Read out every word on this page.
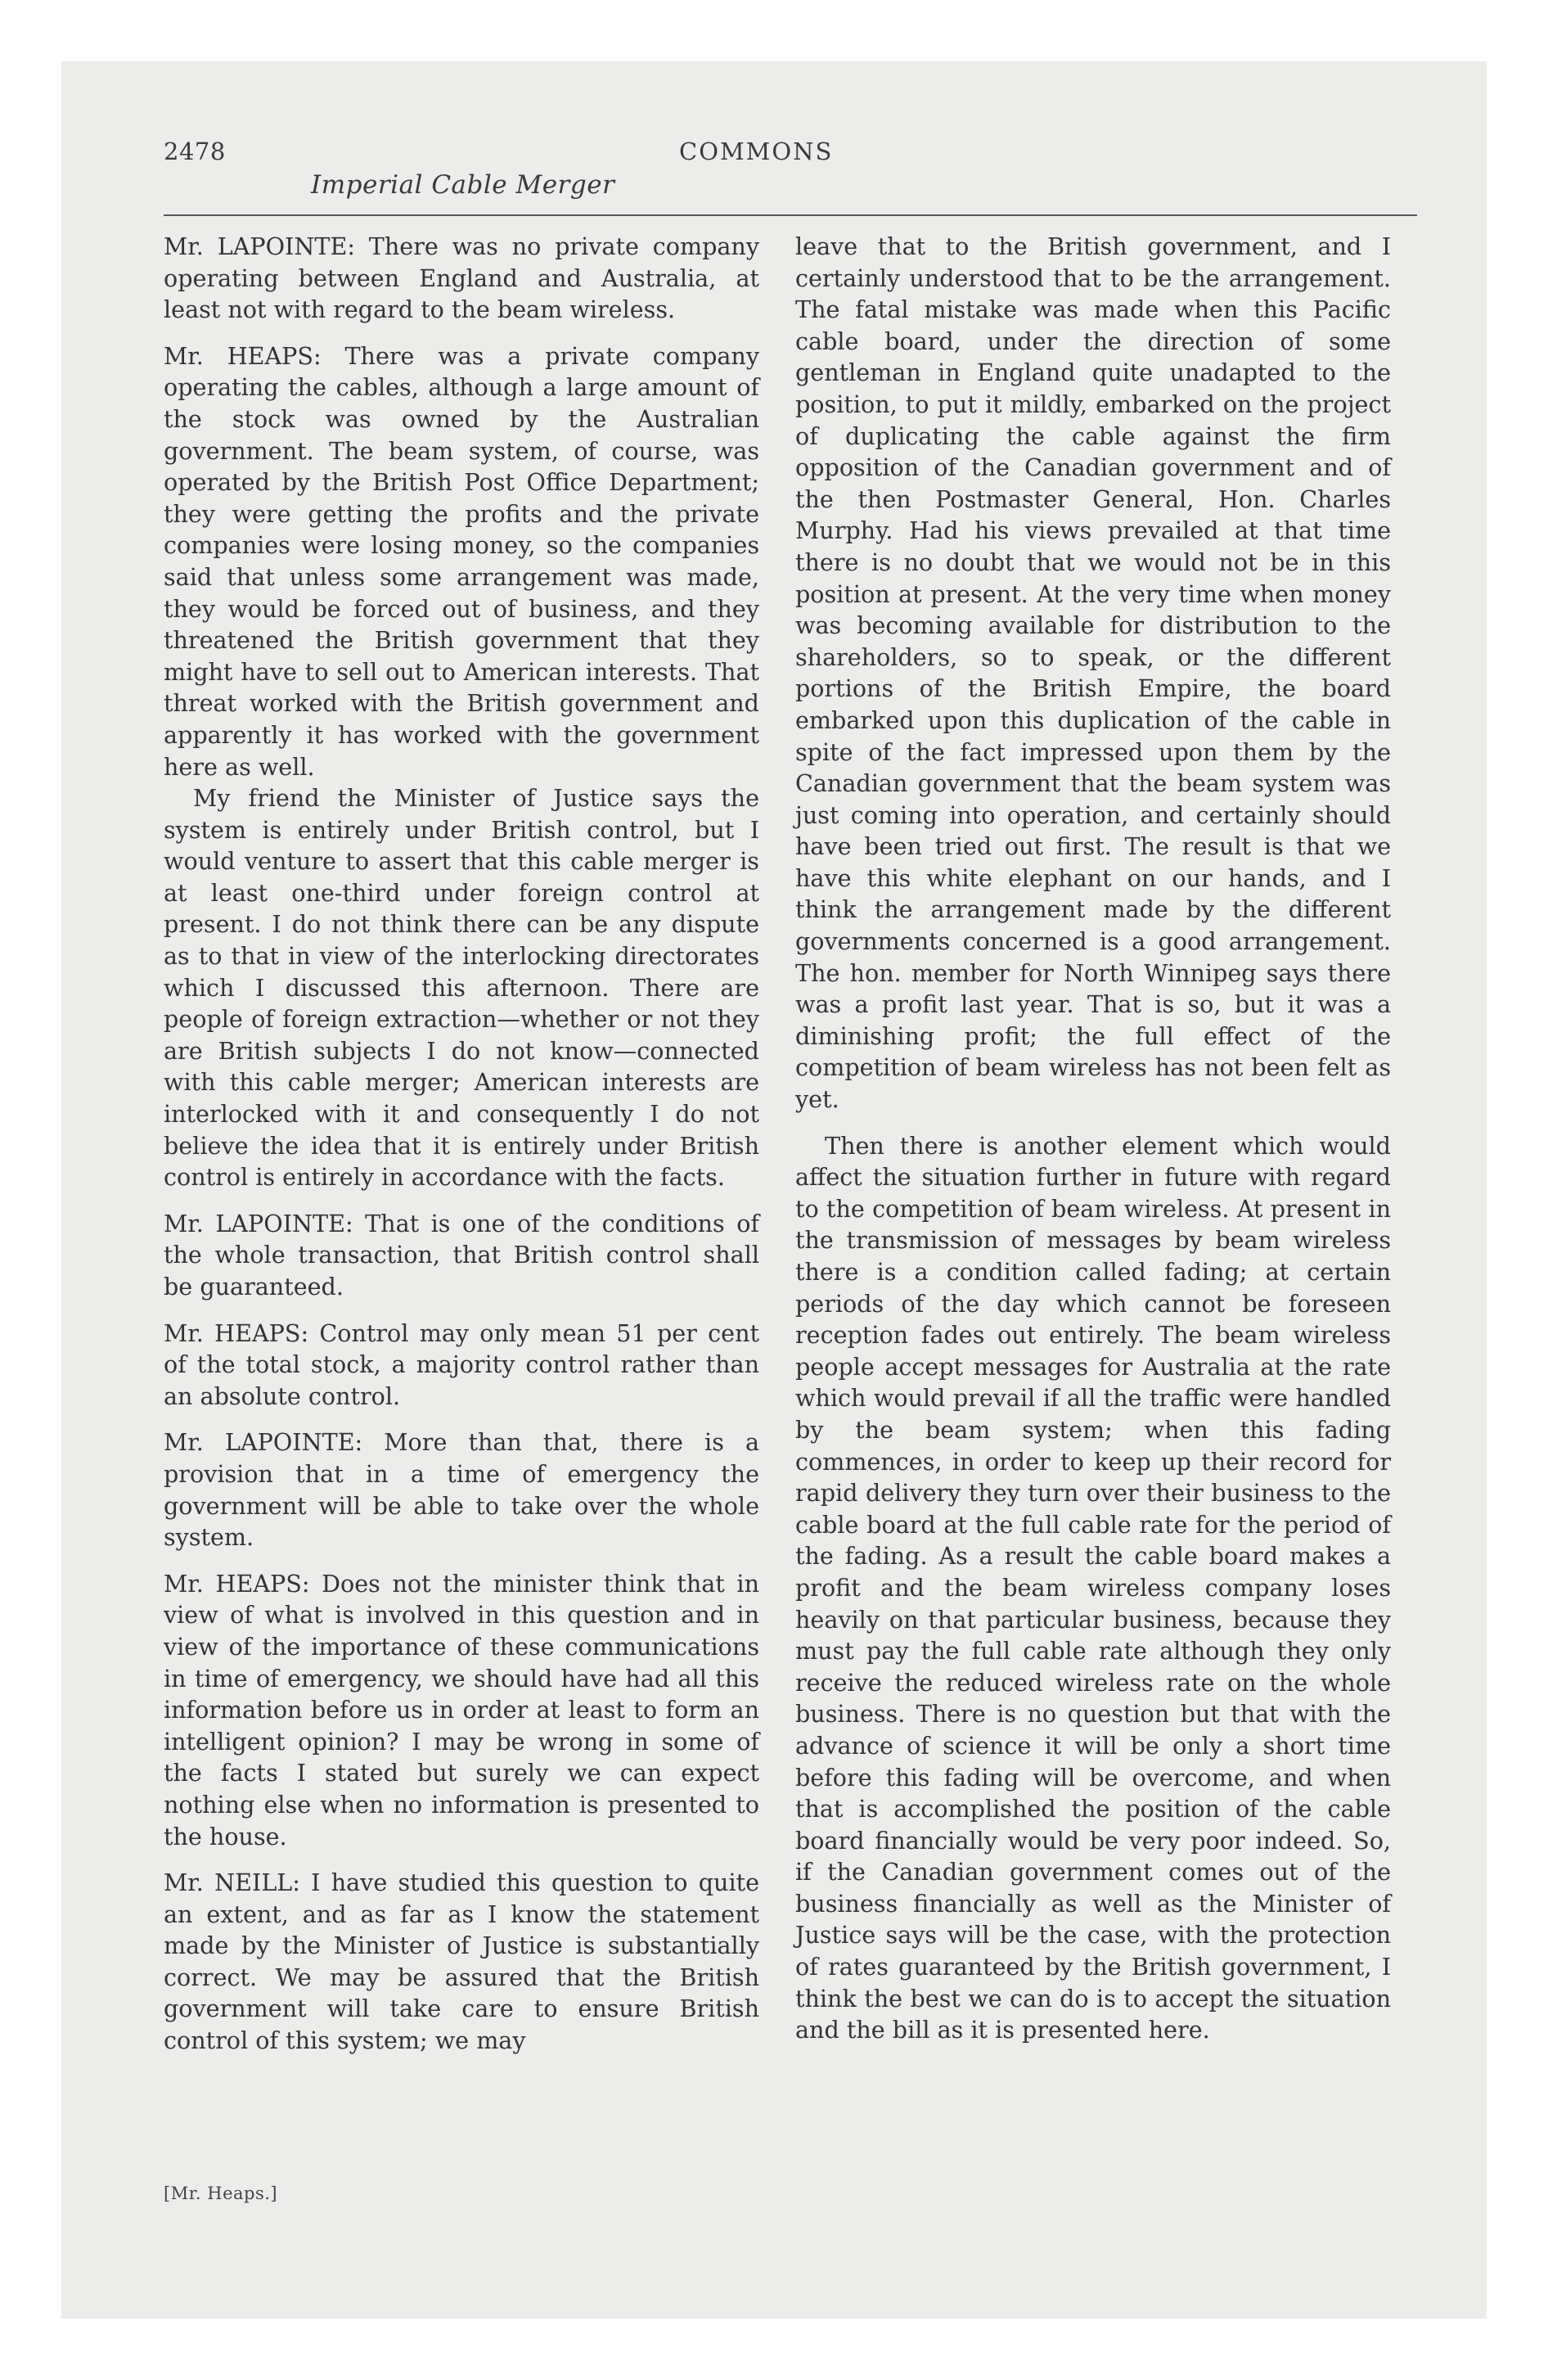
2478	COMMONS
Imperial Cable Merger

Mr. LAPOINTE: There was no private company operating between England and Australia, at least not with regard to the beam wireless.

Mr. HEAPS: There was a private company operating the cables, although a large amount of the stock was owned by the Australian government. The beam system, of course, was operated by the British Post Office Department; they were getting the profits and the private companies were losing money, so the companies said that unless some arrangement was made, they would be forced out of business, and they threatened the British government that they might have to sell out to American interests. That threat worked with the British government and apparently it has worked with the government here as well.

My friend the Minister of Justice says the system is entirely under British control, but I would venture to assert that this cable merger is at least one-third under foreign control at present. I do not think there can be any dispute as to that in view of the interlocking directorates which I discussed this afternoon. There are people of foreign extraction—whether or not they are British subjects I do not know—connected with this cable merger; American interests are interlocked with it and consequently I do not believe the idea that it is entirely under British control is entirely in accordance with the facts.

Mr. LAPOINTE: That is one of the conditions of the whole transaction, that British control shall be guaranteed.

Mr. HEAPS: Control may only mean 51 per cent of the total stock, a majority control rather than an absolute control.

Mr. LAPOINTE: More than that, there is a provision that in a time of emergency the government will be able to take over the whole system.

Mr. HEAPS: Does not the minister think that in view of what is involved in this question and in view of the importance of these communications in time of emergency, we should have had all this information before us in order at least to form an intelligent opinion? I may be wrong in some of the facts I stated but surely we can expect nothing else when no information is presented to the house.

Mr. NEILL: I have studied this question to quite an extent, and as far as I know the statement made by the Minister of Justice is substantially correct. We may be assured that the British government will take care to ensure British control of this system; we may

leave that to the British government, and I certainly understood that to be the arrangement. The fatal mistake was made when this Pacific cable board, under the direction of some gentleman in England quite unadapted to the position, to put it mildly, embarked on the project of duplicating the cable against the firm opposition of the Canadian government and of the then Postmaster General, Hon. Charles Murphy. Had his views prevailed at that time there is no doubt that we would not be in this position at present. At the very time when money was becoming available for distribution to the shareholders, so to speak, or the different portions of the British Empire, the board embarked upon this duplication of the cable in spite of the fact impressed upon them by the Canadian government that the beam system was just coming into operation, and certainly should have been tried out first. The result is that we have this white elephant on our hands, and I think the arrangement made by the different governments concerned is a good arrangement. The hon. member for North Winnipeg says there was a profit last year. That is so, but it was a diminishing profit; the full effect of the competition of beam wireless has not been felt as yet.

Then there is another element which would affect the situation further in future with regard to the competition of beam wireless. At present in the transmission of messages by beam wireless there is a condition called fading; at certain periods of the day which cannot be foreseen reception fades out entirely. The beam wireless people accept messages for Australia at the rate which would prevail if all the traffic were handled by the beam system; when this fading commences, in order to keep up their record for rapid delivery they turn over their business to the cable board at the full cable rate for the period of the fading. As a result the cable board makes a profit and the beam wireless company loses heavily on that particular business, because they must pay the full cable rate although they only receive the reduced wireless rate on the whole business. There is no question but that with the advance of science it will be only a short time before this fading will be overcome, and when that is accomplished the position of the cable board financially would be very poor indeed. So, if the Canadian government comes out of the business financially as well as the Minister of Justice says will be the case, with the protection of rates guaranteed by the British government, I think the best we can do is to accept the situation and the bill as it is presented here.

[Mr. Heaps.]
